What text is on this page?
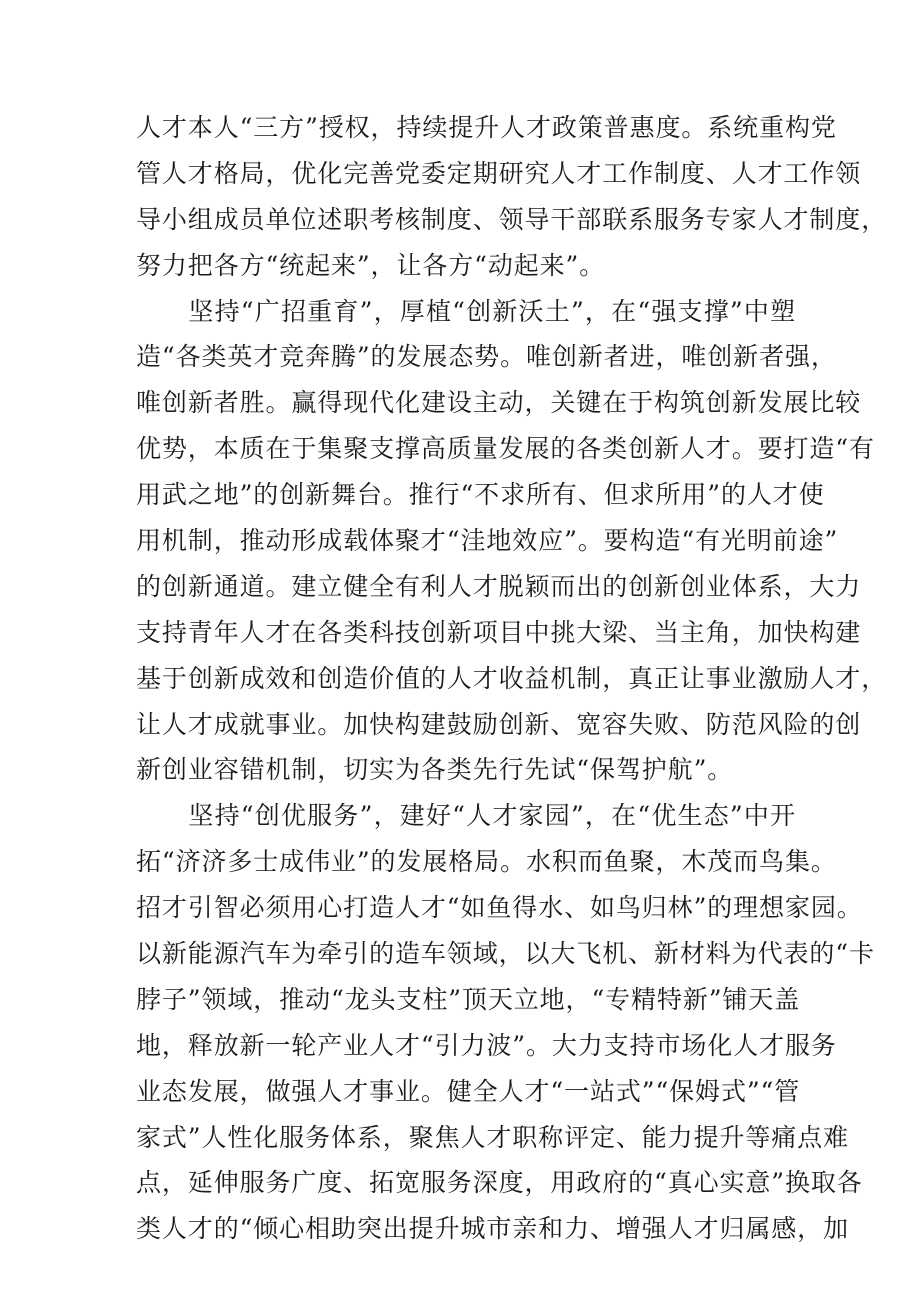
人才本人“三方”授权，持续提升人才政策普惠度。系统重构党
管人才格局，优化完善党委定期研究人才工作制度、人才工作领
导小组成员单位述职考核制度、领导干部联系服务专家人才制度，
努力把各方“统起来”，让各方“动起来”。
　　坚持“广招重育”，厚植“创新沃土”，在“强支撑”中塑
造“各类英才竞奔腾”的发展态势。唯创新者进，唯创新者强，
唯创新者胜。赢得现代化建设主动，关键在于构筑创新发展比较
优势，本质在于集聚支撑高质量发展的各类创新人才。要打造“有
用武之地”的创新舞台。推行“不求所有、但求所用”的人才使
用机制，推动形成载体聚才“洼地效应”。要构造“有光明前途”
的创新通道。建立健全有利人才脱颖而出的创新创业体系，大力
支持青年人才在各类科技创新项目中挑大梁、当主角，加快构建
基于创新成效和创造价值的人才收益机制，真正让事业激励人才，
让人才成就事业。加快构建鼓励创新、宽容失败、防范风险的创
新创业容错机制，切实为各类先行先试“保驾护航”。
　　坚持“创优服务”，建好“人才家园”，在“优生态”中开
拓“济济多士成伟业”的发展格局。水积而鱼聚，木茂而鸟集。
招才引智必须用心打造人才“如鱼得水、如鸟归林”的理想家园。
以新能源汽车为牵引的造车领域，以大飞机、新材料为代表的“卡
脖子”领域，推动“龙头支柱”顶天立地，“专精特新”铺天盖
地，释放新一轮产业人才“引力波”。大力支持市场化人才服务
业态发展，做强人才事业。健全人才“一站式”“保姆式”“管
家式”人性化服务体系，聚焦人才职称评定、能力提升等痛点难
点，延伸服务广度、拓宽服务深度，用政府的“真心实意”换取各
类人才的“倾心相助突出提升城市亲和力、增强人才归属感，加
